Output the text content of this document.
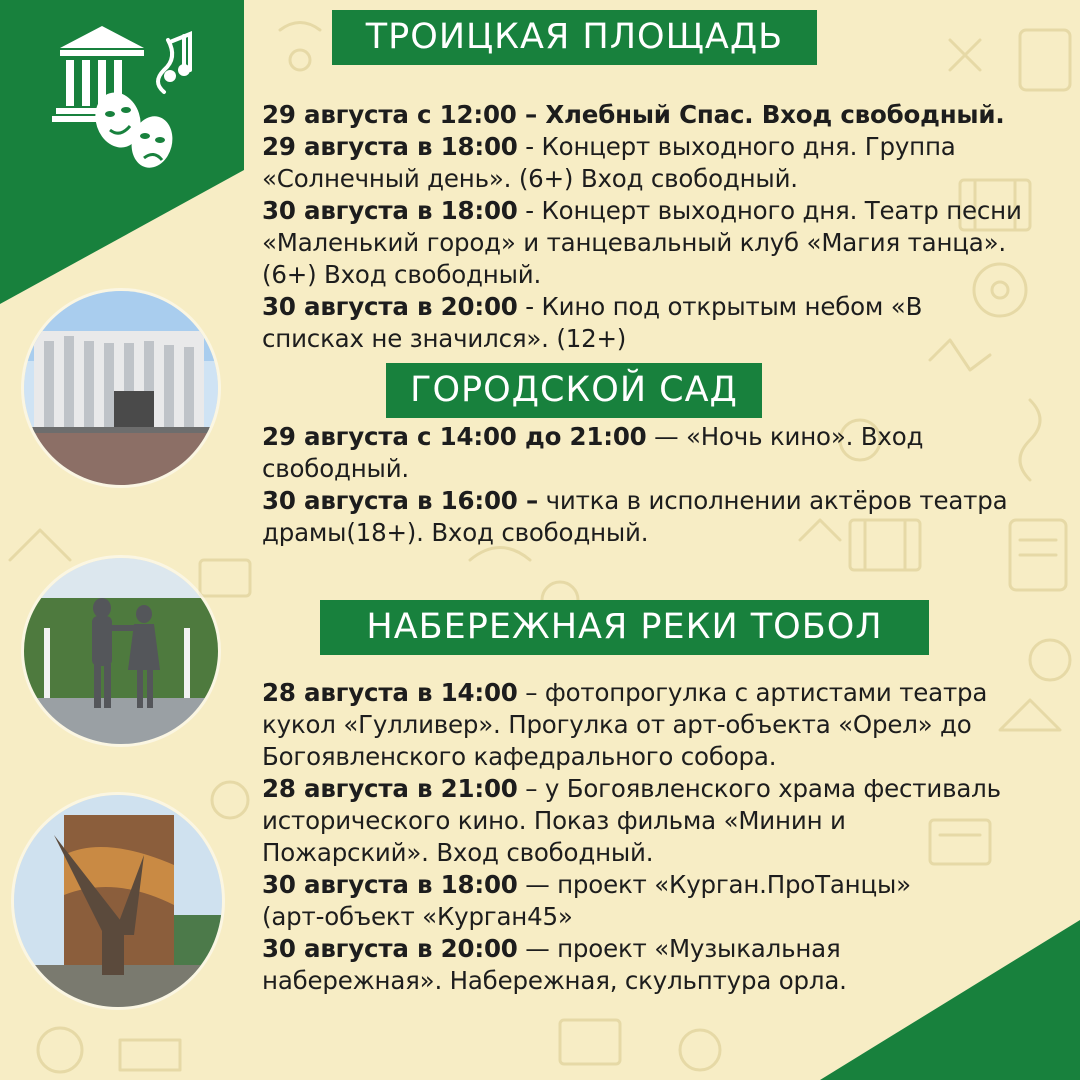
ТРОИЦКАЯ ПЛОЩАДЬ
ГОРОДСКОЙ САД
НАБЕРЕЖНАЯ РЕКИ ТОБОЛ
29 августа с 12:00 – Хлебный Спас. Вход свободный.
29 августа в 18:00 - Концерт выходного дня. Группа
«Солнечный день». (6+) Вход свободный.
30 августа в 18:00 - Концерт выходного дня. Театр песни
«Маленький город» и танцевальный клуб «Магия танца».
(6+) Вход свободный.
30 августа в 20:00 - Кино под открытым небом «В
списках не значился». (12+)
29 августа с 14:00 до 21:00 — «Ночь кино». Вход
свободный.
30 августа в 16:00 – читка в исполнении актёров театра
драмы(18+). Вход свободный.
28 августа в 14:00 – фотопрогулка с артистами театра
кукол «Гулливер». Прогулка от арт-объекта «Орел» до
Богоявленского кафедрального собора.
28 августа в 21:00 – у Богоявленского храма фестиваль
исторического кино. Показ фильма «Минин и
Пожарский». Вход свободный.
30 августа в 18:00 — проект «Курган.ПроТанцы»
(арт-объект «Курган45»
30 августа в 20:00 — проект «Музыкальная
набережная». Набережная, скульптура орла.
